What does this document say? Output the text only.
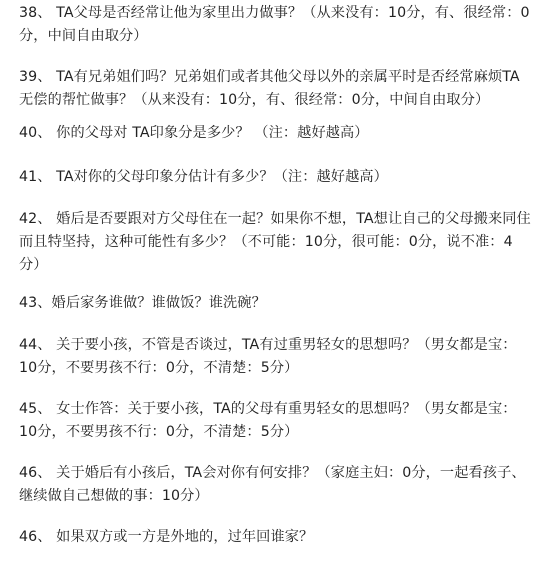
38、 TA父母是否经常让他为家里出力做事？（从来没有：10分，有、很经常：0分，中间自由取分）

39、 TA有兄弟姐们吗？兄弟姐们或者其他父母以外的亲属平时是否经常麻烦TA无偿的帮忙做事？（从来没有：10分，有、很经常：0分，中间自由取分）

40、 你的父母对 TA印象分是多少？ （注：越好越高）

41、 TA对你的父母印象分估计有多少？（注：越好越高）

42、 婚后是否要跟对方父母住在一起？如果你不想，TA想让自己的父母搬来同住而且特坚持，这种可能性有多少？（不可能：10分，很可能：0分，说不准：4分）

43、婚后家务谁做？谁做饭？谁洗碗？

44、 关于要小孩，不管是否谈过，TA有过重男轻女的思想吗？（男女都是宝：10分，不要男孩不行：0分，不清楚：5分）

45、 女士作答：关于要小孩，TA的父母有重男轻女的思想吗？（男女都是宝：10分，不要男孩不行：0分，不清楚：5分）

46、 关于婚后有小孩后，TA会对你有何安排？（家庭主妇：0分，一起看孩子、继续做自己想做的事：10分）

46、 如果双方或一方是外地的，过年回谁家？
